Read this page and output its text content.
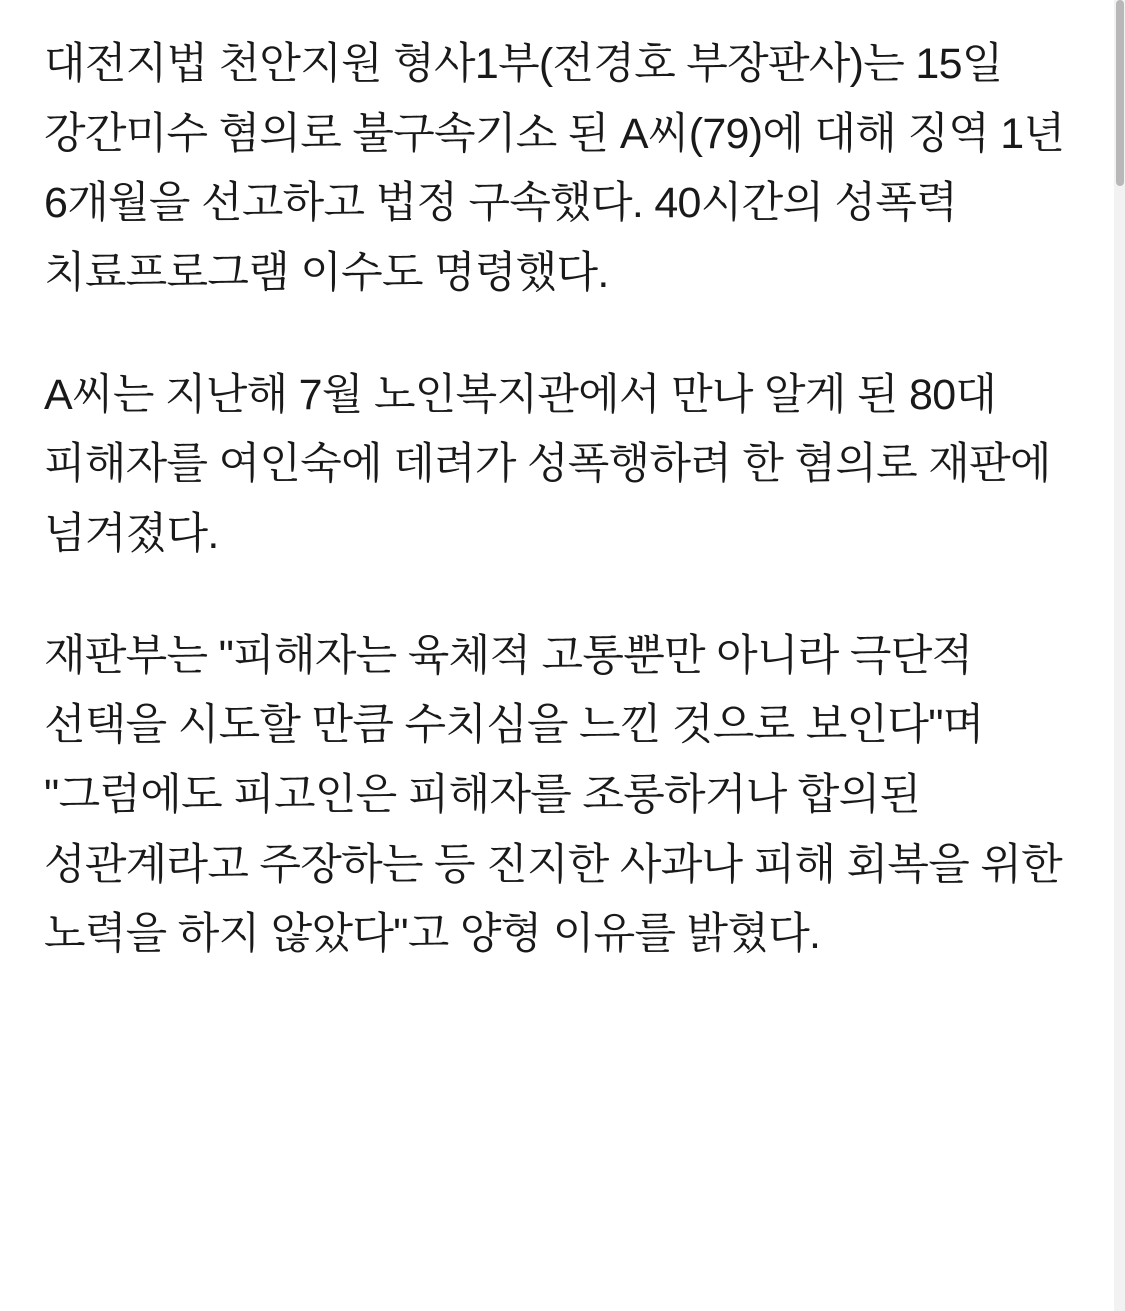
대전지법 천안지원 형사1부(전경호 부장판사)는 15일 강간미수 혐의로 불구속기소 된 A씨(79)에 대해 징역 1년 6개월을 선고하고 법정 구속했다. 40시간의 성폭력 치료프로그램 이수도 명령했다.

A씨는 지난해 7월 노인복지관에서 만나 알게 된 80대 피해자를 여인숙에 데려가 성폭행하려 한 혐의로 재판에 넘겨졌다.

재판부는 "피해자는 육체적 고통뿐만 아니라 극단적 선택을 시도할 만큼 수치심을 느낀 것으로 보인다"며 "그럼에도 피고인은 피해자를 조롱하거나 합의된 성관계라고 주장하는 등 진지한 사과나 피해 회복을 위한 노력을 하지 않았다"고 양형 이유를 밝혔다.
